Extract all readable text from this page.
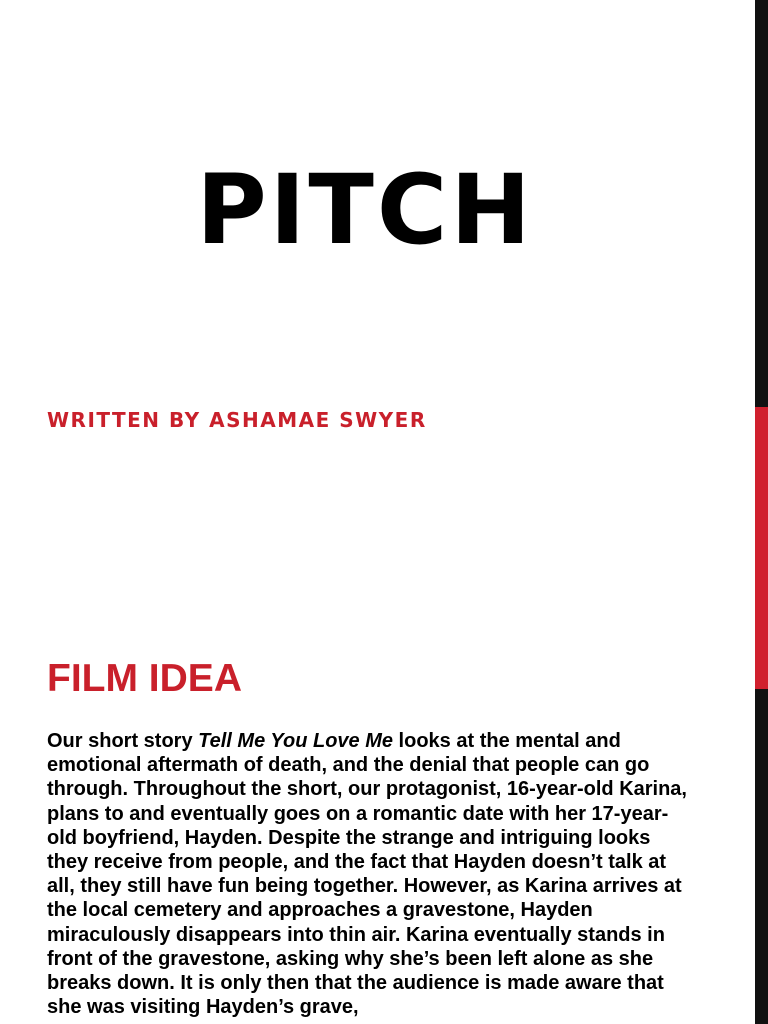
PITCH

WRITTEN BY ASHAMAE SWYER

FILM IDEA

Our short story Tell Me You Love Me looks at the mental and emotional aftermath of death, and the denial that people can go through. Throughout the short, our protagonist, 16-year-old Karina, plans to and eventually goes on a romantic date with her 17-year-old boyfriend, Hayden. Despite the strange and intriguing looks they receive from people, and the fact that Hayden doesn’t talk at all, they still have fun being together. However, as Karina arrives at the local cemetery and approaches a gravestone, Hayden miraculously disappears into thin air. Karina eventually stands in front of the gravestone, asking why she’s been left alone as she breaks down. It is only then that the audience is made aware that she was visiting Hayden’s grave,
